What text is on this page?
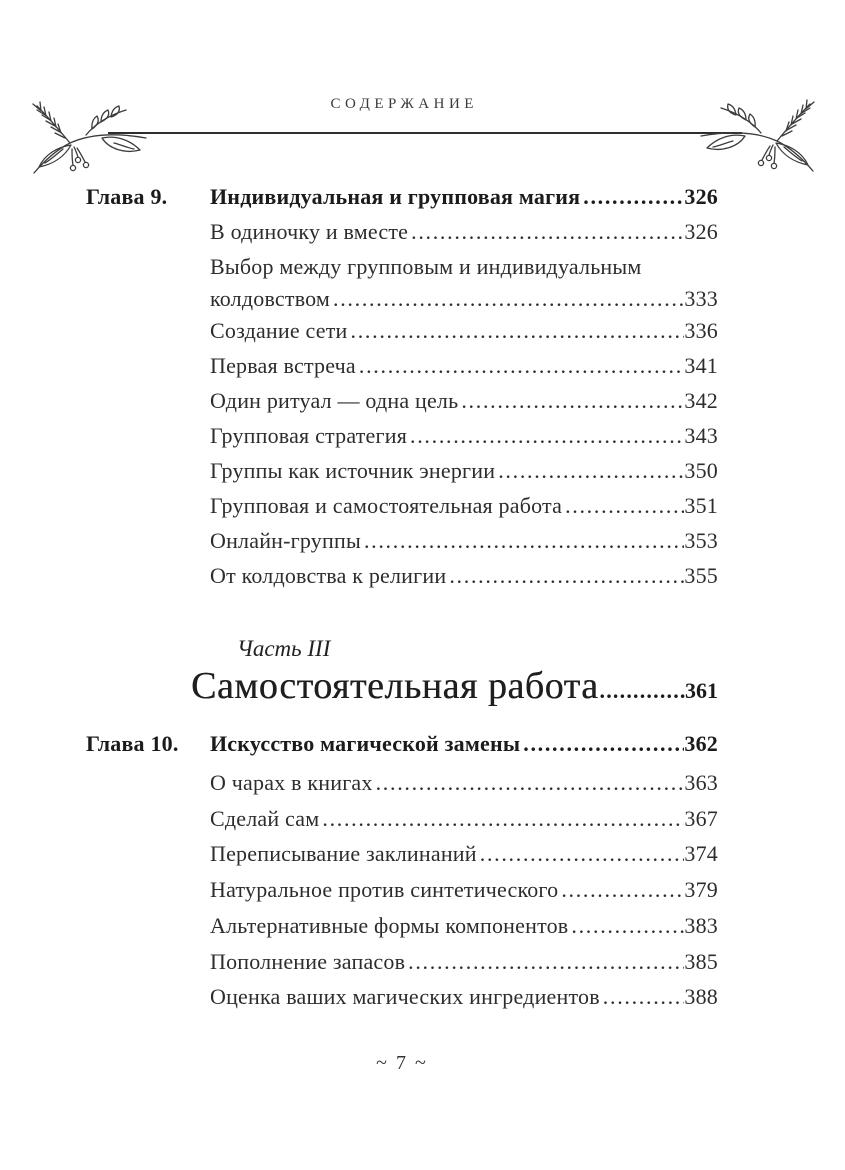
СОДЕРЖАНИЕ
Глава 9.	Индивидуальная и групповая магия .....	326
В одиночку и вместе .....	326
Выбор между групповым и индивидуальным
колдовством .....	333
Создание сети .....	336
Первая встреча .....	341
Один ритуал — одна цель .....	342
Групповая стратегия .....	343
Группы как источник энергии .....	350
Групповая и самостоятельная работа .....	351
Онлайн-группы .....	353
От колдовства к религии .....	355
Часть III
Самостоятельная работа .....	361
Глава 10.	Искусство магической замены .....	362
О чарах в книгах .....	363
Сделай сам .....	367
Переписывание заклинаний .....	374
Натуральное против синтетического .....	379
Альтернативные формы компонентов .....	383
Пополнение запасов .....	385
Оценка ваших магических ингредиентов .....	388
~ 7 ~
